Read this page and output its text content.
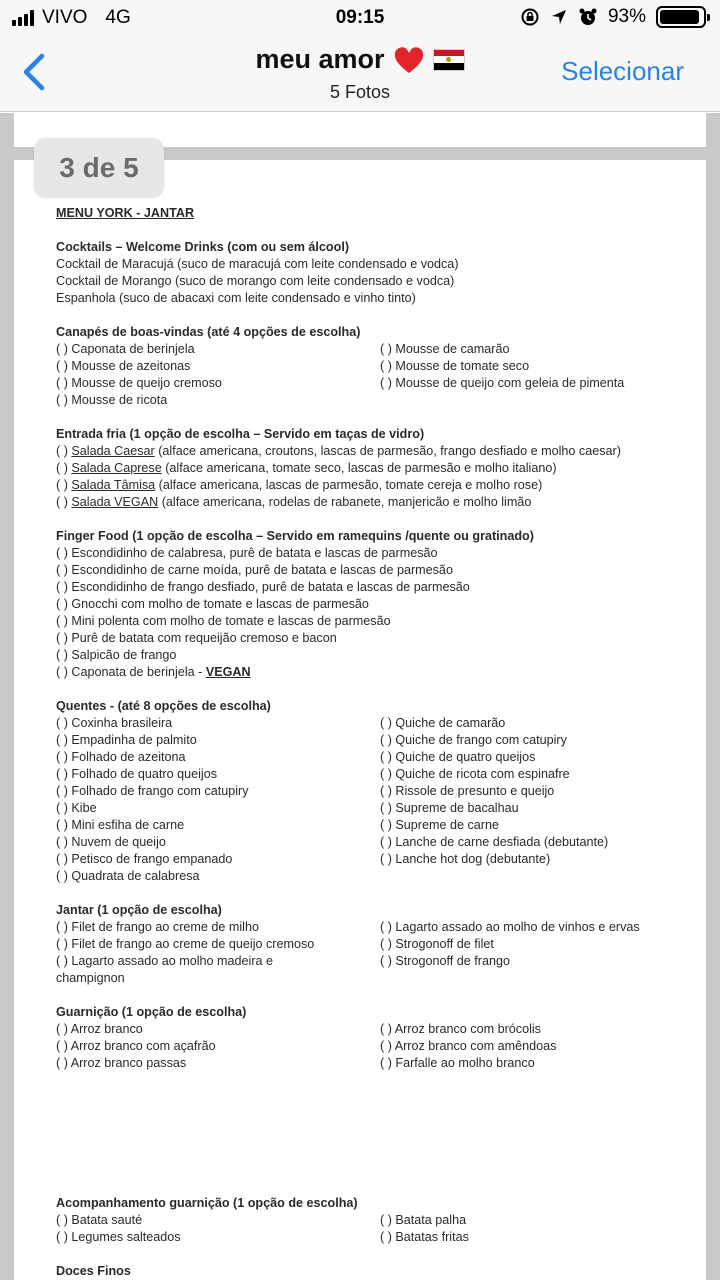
VIVO 4G	09:15	93%
meu amor
5 Fotos
Selecionar
MENU YORK - JANTAR
Cocktails – Welcome Drinks (com ou sem álcool)
Cocktail de Maracujá (suco de maracujá com leite condensado e vodca)
Cocktail de Morango (suco de morango com leite condensado e vodca)
Espanhola (suco de abacaxi com leite condensado e vinho tinto)
Canapés de boas-vindas (até 4 opções de escolha)
( ) Caponata de berinjela	( ) Mousse de camarão
( ) Mousse de azeitonas	( ) Mousse de tomate seco
( ) Mousse de queijo cremoso	( ) Mousse de queijo com geleia de pimenta
( ) Mousse de ricota
Entrada fria (1 opção de escolha – Servido em taças de vidro)
( ) Salada Caesar (alface americana, croutons, lascas de parmesão, frango desfiado e molho caesar)
( ) Salada Caprese (alface americana, tomate seco, lascas de parmesão e molho italiano)
( ) Salada Tâmisa (alface americana, lascas de parmesão, tomate cereja e molho rose)
( ) Salada VEGAN (alface americana, rodelas de rabanete, manjericão e molho limão
Finger Food (1 opção de escolha – Servido em ramequins /quente ou gratinado)
( ) Escondidinho de calabresa, purê de batata e lascas de parmesão
( ) Escondidinho de carne moída, purê de batata e lascas de parmesão
( ) Escondidinho de frango desfiado, purê de batata e lascas de parmesão
( ) Gnocchi com molho de tomate e lascas de parmesão
( ) Mini polenta com molho de tomate e lascas de parmesão
( ) Purê de batata com requeijão cremoso e bacon
( ) Salpicão de frango
( ) Caponata de berinjela - VEGAN
Quentes - (até 8 opções de escolha)
( ) Coxinha brasileira	( ) Quiche de camarão
( ) Empadinha de palmito	( ) Quiche de frango com catupiry
( ) Folhado de azeitona	( ) Quiche de quatro queijos
( ) Folhado de quatro queijos	( ) Quiche de ricota com espinafre
( ) Folhado de frango com catupiry	( ) Rissole de presunto e queijo
( ) Kibe	( ) Supreme de bacalhau
( ) Mini esfiha de carne	( ) Supreme de carne
( ) Nuvem de queijo	( ) Lanche de carne desfiada (debutante)
( ) Petisco de frango empanado	( ) Lanche hot dog (debutante)
( ) Quadrata de calabresa
Jantar (1 opção de escolha)
( ) Filet de frango ao creme de milho	( ) Lagarto assado ao molho de vinhos e ervas
( ) Filet de frango ao creme de queijo cremoso	( ) Strogonoff de filet
( ) Lagarto assado ao molho madeira e	( ) Strogonoff de frango
champignon
Guarnição (1 opção de escolha)
( ) Arroz branco	( ) Arroz branco com brócolis
( ) Arroz branco com açafrão	( ) Arroz branco com amêndoas
( ) Arroz branco passas	( ) Farfalle ao molho branco
Acompanhamento guarnição (1 opção de escolha)
( ) Batata sauté	( ) Batata palha
( ) Legumes salteados	( ) Batatas fritas
Doces Finos
3 de 5
